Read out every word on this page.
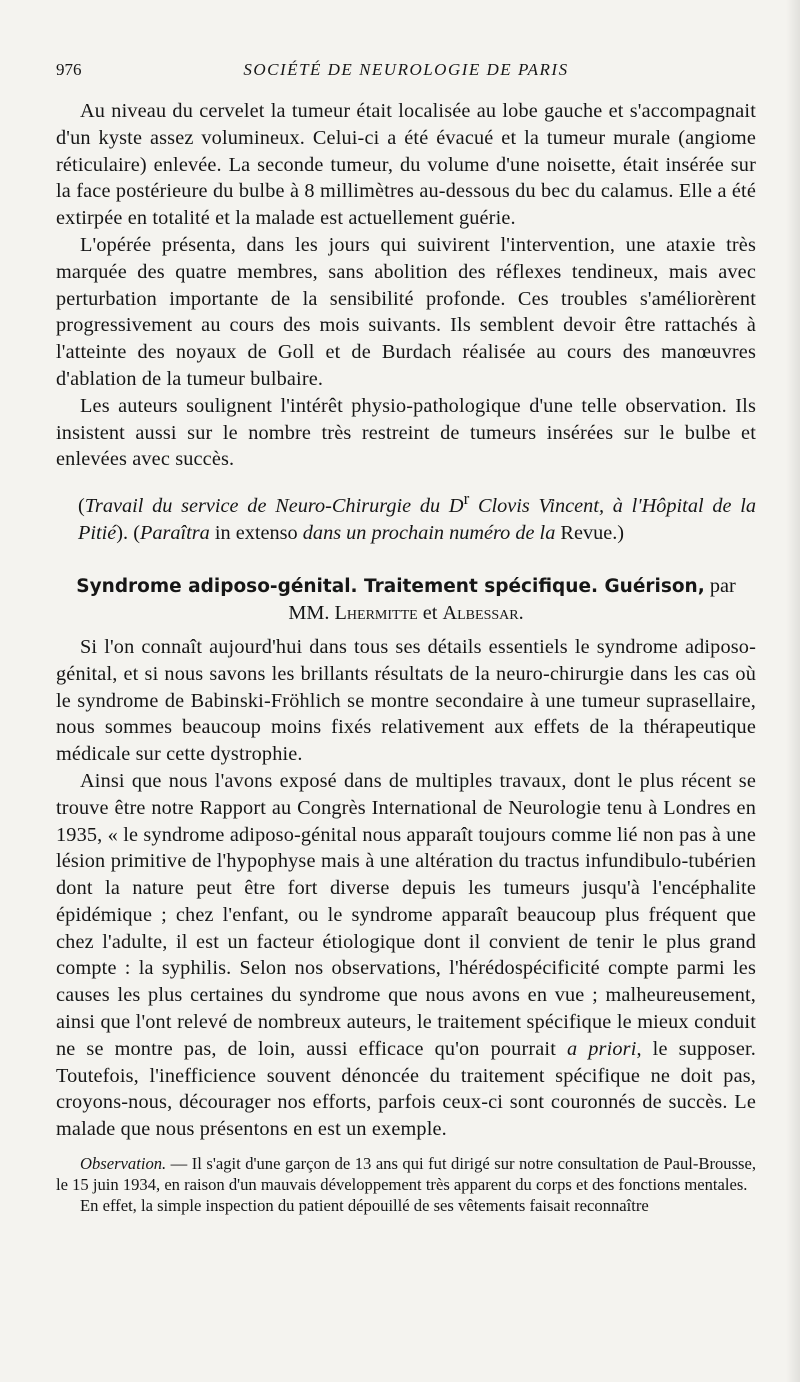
976	SOCIÉTÉ DE NEUROLOGIE DE PARIS

Au niveau du cervelet la tumeur était localisée au lobe gauche et s'accompagnait d'un kyste assez volumineux. Celui-ci a été évacué et la tumeur murale (angiome réticulaire) enlevée. La seconde tumeur, du volume d'une noisette, était insérée sur la face postérieure du bulbe à 8 millimètres au-dessous du bec du calamus. Elle a été extirpée en totalité et la malade est actuellement guérie.

L'opérée présenta, dans les jours qui suivirent l'intervention, une ataxie très marquée des quatre membres, sans abolition des réflexes tendineux, mais avec perturbation importante de la sensibilité profonde. Ces troubles s'améliorèrent progressivement au cours des mois suivants. Ils semblent devoir être rattachés à l'atteinte des noyaux de Goll et de Burdach réalisée au cours des manœuvres d'ablation de la tumeur bulbaire.

Les auteurs soulignent l'intérêt physio-pathologique d'une telle observation. Ils insistent aussi sur le nombre très restreint de tumeurs insérées sur le bulbe et enlevées avec succès.

(Travail du service de Neuro-Chirurgie du $D^r$ Clovis Vincent, à l'Hôpital de la Pitié). (Paraîtra in extenso dans un prochain numéro de la Revue.)

Syndrome adiposo-génital. Traitement spécifique. Guérison, par
MM. Lhermitte et Albessar.

Si l'on connaît aujourd'hui dans tous ses détails essentiels le syndrome adiposo-génital, et si nous savons les brillants résultats de la neuro-chirurgie dans les cas où le syndrome de Babinski-Fröhlich se montre secondaire à une tumeur suprasellaire, nous sommes beaucoup moins fixés relativement aux effets de la thérapeutique médicale sur cette dystrophie.

Ainsi que nous l'avons exposé dans de multiples travaux, dont le plus récent se trouve être notre Rapport au Congrès International de Neurologie tenu à Londres en 1935, « le syndrome adiposo-génital nous apparaît toujours comme lié non pas à une lésion primitive de l'hypophyse mais à une altération du tractus infundibulo-tubérien dont la nature peut être fort diverse depuis les tumeurs jusqu'à l'encéphalite épidémique ; chez l'enfant, ou le syndrome apparaît beaucoup plus fréquent que chez l'adulte, il est un facteur étiologique dont il convient de tenir le plus grand compte : la syphilis. Selon nos observations, l'hérédospécificité compte parmi les causes les plus certaines du syndrome que nous avons en vue ; malheureusement, ainsi que l'ont relevé de nombreux auteurs, le traitement spécifique le mieux conduit ne se montre pas, de loin, aussi efficace qu'on pourrait a priori, le supposer. Toutefois, l'inefficience souvent dénoncée du traitement spécifique ne doit pas, croyons-nous, décourager nos efforts, parfois ceux-ci sont couronnés de succès. Le malade que nous présentons en est un exemple.

Observation. — Il s'agit d'une garçon de 13 ans qui fut dirigé sur notre consultation de Paul-Brousse, le 15 juin 1934, en raison d'un mauvais développement très apparent du corps et des fonctions mentales.

En effet, la simple inspection du patient dépouillé de ses vêtements faisait reconnaître
